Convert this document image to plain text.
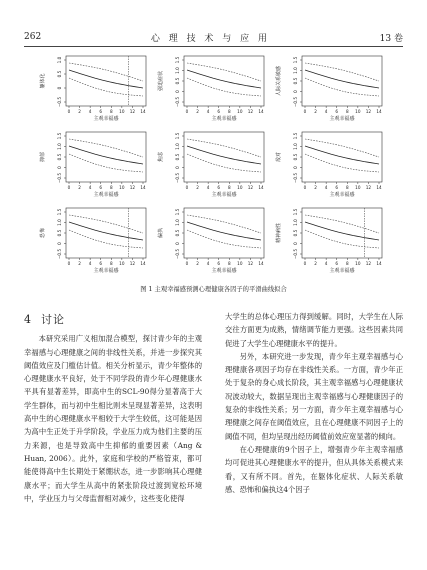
262	心 理 技 术 与 应 用	13 卷
躯体化
1.0
0.5
0
−0.5
0 2 4 6 8 10 12 14
主观幸福感
强迫症状
1.5
1.0
0.5
0
−0.5
0 2 4 6 8 10 12 14
主观幸福感
人际关系敏感
1.5
1.0
0.5
0
−0.5
0 2 4 6 8 10 12 14
主观幸福感
抑郁
1.5
1.0
0.5
0
−0.5
0 2 4 6 8 10 12 14
主观幸福感
焦虑
1.5
1.0
0.5
0
−0.5
0 2 4 6 8 10 12 14
主观幸福感
敌对
1.5
1.0
0.5
0
−0.5
0 2 4 6 8 10 12 14
主观幸福感
恐怖
1.5
1.0
0.5
0
−0.5
0 2 4 6 8 10 12 14
主观幸福感
偏执
1.5
1.0
0.5
0
−0.5
0 2 4 6 8 10 12 14
主观幸福感
精神病性
1.5
1.0
0.5
0
−0.5
0 2 4 6 8 10 12 14
主观幸福感
图 1 主观幸福感预测心理健康各因子的平滑曲线拟合
4 讨论

本研究采用广义相加混合模型，探讨青少年的主观幸福感与心理健康之间的非线性关系，并进一步探究其阈值效应及门槛估计值。相关分析显示，青少年整体的心理健康水平良好，处于不同学段的青少年心理健康水平具有显著差异，即高中生的SCL-90得分显著高于大学生群体，而与初中生相比则未呈现显著差异，这表明高中生的心理健康水平相较于大学生较低，这可能是因为高中生正处于升学阶段，学业压力成为他们主要的压力来源，也是导致高中生抑郁的重要因素（Ang & Huan, 2006）。此外，家庭和学校的严格管束，都可能使得高中生长期处于紧绷状态，进一步影响其心理健康水平；而大学生从高中的紧张阶段过渡到宽松环境中，学业压力与父母监督相对减少，这些变化使得

大学生的总体心理压力得到缓解。同时，大学生在人际交往方面更为成熟，情绪调节能力更强。这些因素共同促进了大学生心理健康水平的提升。

另外，本研究进一步发现，青少年主观幸福感与心理健康各项因子均存在非线性关系。一方面，青少年正处于复杂的身心成长阶段，其主观幸福感与心理健康状况波动较大，数据呈现出主观幸福感与心理健康因子的复杂的非线性关系；另一方面，青少年主观幸福感与心理健康之间存在阈值效应，且在心理健康不同因子上的阈值不同，但均呈现出经历阈值前效应宽显著的倾向。

在心理健康的9个因子上，增强青少年主观幸福感均可促进其心理健康水平的提升，但从具体关系模式来看，又有所不同。首先，在躯体化症状、人际关系敏感、恐怖和偏执这4个因子
